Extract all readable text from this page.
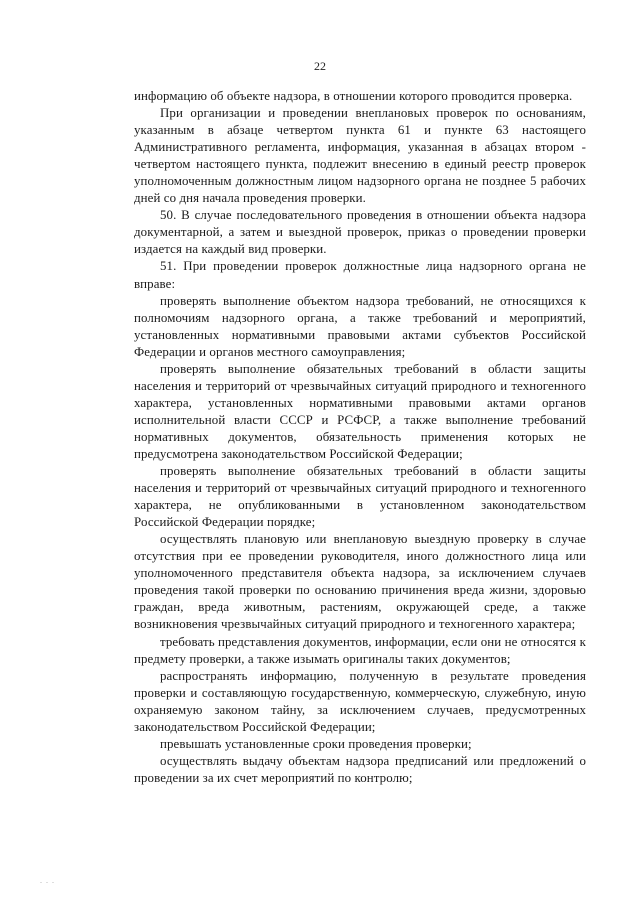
22

информацию об объекте надзора, в отношении которого проводится проверка.

При организации и проведении внеплановых проверок по основаниям, указанным в абзаце четвертом пункта 61 и пункте 63 настоящего Административного регламента, информация, указанная в абзацах втором - четвертом настоящего пункта, подлежит внесению в единый реестр проверок уполномоченным должностным лицом надзорного органа не позднее 5 рабочих дней со дня начала проведения проверки.

50. В случае последовательного проведения в отношении объекта надзора документарной, а затем и выездной проверок, приказ о проведении проверки издается на каждый вид проверки.

51. При проведении проверок должностные лица надзорного органа не вправе:

проверять выполнение объектом надзора требований, не относящихся к полномочиям надзорного органа, а также требований и мероприятий, установленных нормативными правовыми актами субъектов Российской Федерации и органов местного самоуправления;

проверять выполнение обязательных требований в области защиты населения и территорий от чрезвычайных ситуаций природного и техногенного характера, установленных нормативными правовыми актами органов исполнительной власти СССР и РСФСР, а также выполнение требований нормативных документов, обязательность применения которых не предусмотрена законодательством Российской Федерации;

проверять выполнение обязательных требований в области защиты населения и территорий от чрезвычайных ситуаций природного и техногенного характера, не опубликованными в установленном законодательством Российской Федерации порядке;

осуществлять плановую или внеплановую выездную проверку в случае отсутствия при ее проведении руководителя, иного должностного лица или уполномоченного представителя объекта надзора, за исключением случаев проведения такой проверки по основанию причинения вреда жизни, здоровью граждан, вреда животным, растениям, окружающей среде, а также возникновения чрезвычайных ситуаций природного и техногенного характера;

требовать представления документов, информации, если они не относятся к предмету проверки, а также изымать оригиналы таких документов;

распространять информацию, полученную в результате проведения проверки и составляющую государственную, коммерческую, служебную, иную охраняемую законом тайну, за исключением случаев, предусмотренных законодательством Российской Федерации;

превышать установленные сроки проведения проверки;

осуществлять выдачу объектам надзора предписаний или предложений о проведении за их счет мероприятий по контролю;

. . .
